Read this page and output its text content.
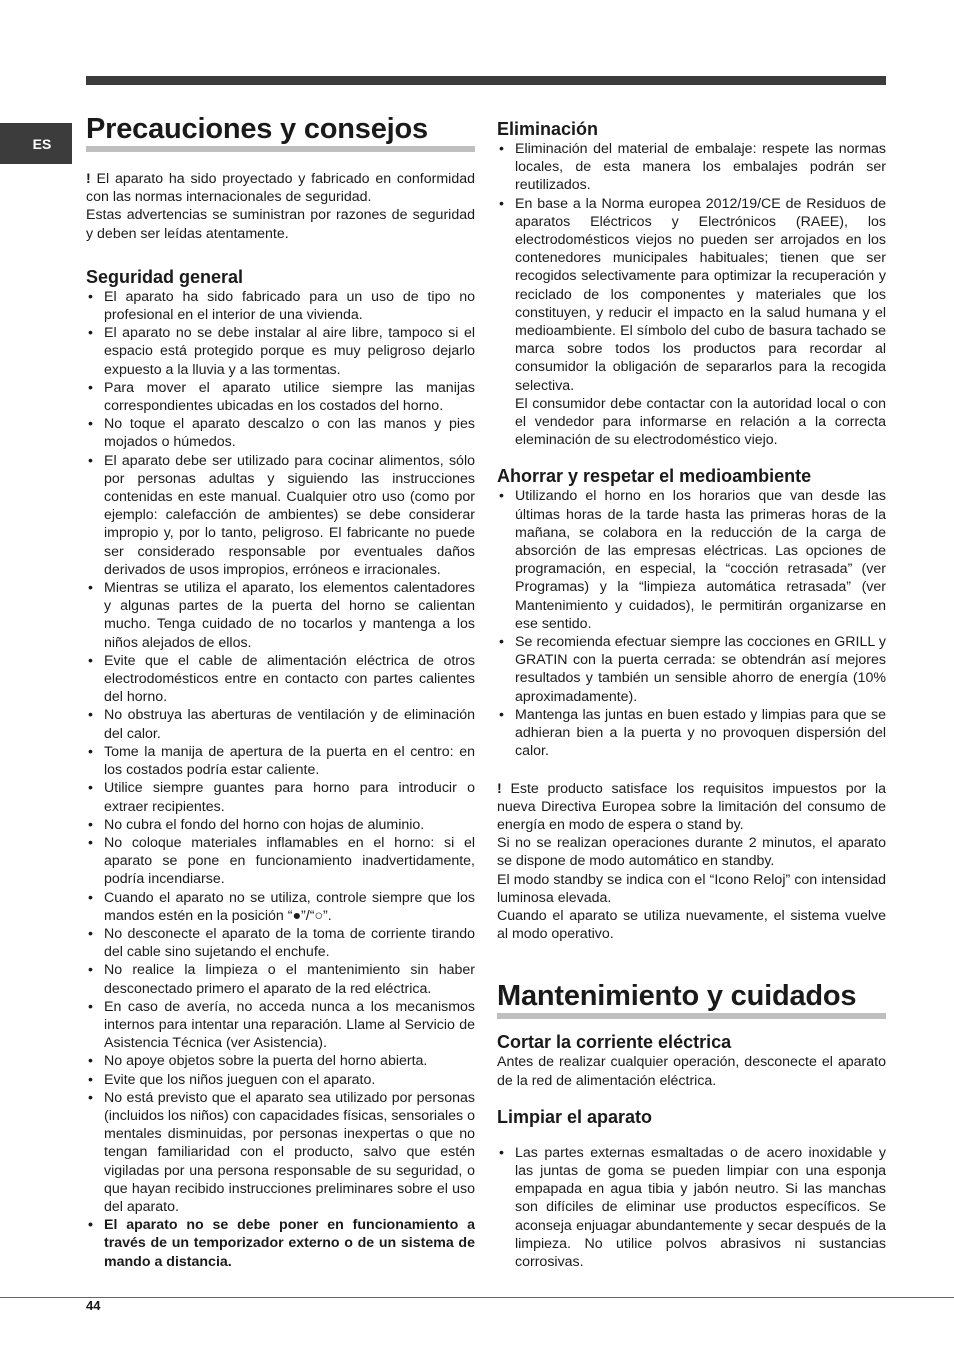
ES	Precauciones y consejos

! El aparato ha sido proyectado y fabricado en conformidad con las normas internacionales de seguridad.

Estas advertencias se suministran por razones de seguridad y deben ser leídas atentamente.

Seguridad general
• El aparato ha sido fabricado para un uso de tipo no profesional en el interior de una vivienda.
• El aparato no se debe instalar al aire libre, tampoco si el espacio está protegido porque es muy peligroso dejarlo expuesto a la lluvia y a las tormentas.
• Para mover el aparato utilice siempre las manijas correspondientes ubicadas en los costados del horno.
• No toque el aparato descalzo o con las manos y pies mojados o húmedos.
• El aparato debe ser utilizado para cocinar alimentos, sólo por personas adultas y siguiendo las instrucciones contenidas en este manual. Cualquier otro uso (como por ejemplo: calefacción de ambientes) se debe considerar impropio y, por lo tanto, peligroso. El fabricante no puede ser considerado responsable por eventuales daños derivados de usos impropios, erróneos e irracionales.
• Mientras se utiliza el aparato, los elementos calentadores y algunas partes de la puerta del horno se calientan mucho. Tenga cuidado de no tocarlos y mantenga a los niños alejados de ellos.
• Evite que el cable de alimentación eléctrica de otros electrodomésticos entre en contacto con partes calientes del horno.
• No obstruya las aberturas de ventilación y de eliminación del calor.
• Tome la manija de apertura de la puerta en el centro: en los costados podría estar caliente.
• Utilice siempre guantes para horno para introducir o extraer recipientes.
• No cubra el fondo del horno con hojas de aluminio.
• No coloque materiales inflamables en el horno: si el aparato se pone en funcionamiento inadvertidamente, podría incendiarse.
• Cuando el aparato no se utiliza, controle siempre que los mandos estén en la posición “●”/“○”.
• No desconecte el aparato de la toma de corriente tirando del cable sino sujetando el enchufe.
• No realice la limpieza o el mantenimiento sin haber desconectado primero el aparato de la red eléctrica.
• En caso de avería, no acceda nunca a los mecanismos internos para intentar una reparación. Llame al Servicio de Asistencia Técnica (ver Asistencia).
• No apoye objetos sobre la puerta del horno abierta.
• Evite que los niños jueguen con el aparato.
• No está previsto que el aparato sea utilizado por personas (incluidos los niños) con capacidades físicas, sensoriales o mentales disminuidas, por personas inexpertas o que no tengan familiaridad con el producto, salvo que estén vigiladas por una persona responsable de su seguridad, o que hayan recibido instrucciones preliminares sobre el uso del aparato.
• El aparato no se debe poner en funcionamiento a través de un temporizador externo o de un sistema de mando a distancia.
Eliminación
• Eliminación del material de embalaje: respete las normas locales, de esta manera los embalajes podrán ser reutilizados.
• En base a la Norma europea 2012/19/CE de Residuos de aparatos Eléctricos y Electrónicos (RAEE), los electrodomésticos viejos no pueden ser arrojados en los contenedores municipales habituales; tienen que ser recogidos selectivamente para optimizar la recuperación y reciclado de los componentes y materiales que los constituyen, y reducir el impacto en la salud humana y el medioambiente. El símbolo del cubo de basura tachado se marca sobre todos los productos para recordar al consumidor la obligación de separarlos para la recogida selectiva.

El consumidor debe contactar con la autoridad local o con el vendedor para informarse en relación a la correcta eleminación de su electrodoméstico viejo.

Ahorrar y respetar el medioambiente
• Utilizando el horno en los horarios que van desde las últimas horas de la tarde hasta las primeras horas de la mañana, se colabora en la reducción de la carga de absorción de las empresas eléctricas. Las opciones de programación, en especial, la “cocción retrasada” (ver Programas) y la “limpieza automática retrasada” (ver Mantenimiento y cuidados), le permitirán organizarse en ese sentido.
• Se recomienda efectuar siempre las cocciones en GRILL y GRATIN con la puerta cerrada: se obtendrán así mejores resultados y también un sensible ahorro de energía (10% aproximadamente).
• Mantenga las juntas en buen estado y limpias para que se adhieran bien a la puerta y no provoquen dispersión del calor.

! Este producto satisface los requisitos impuestos por la nueva Directiva Europea sobre la limitación del consumo de energía en modo de espera o stand by.

Si no se realizan operaciones durante 2 minutos, el aparato se dispone de modo automático en standby.

El modo standby se indica con el “Icono Reloj” con intensidad luminosa elevada.

Cuando el aparato se utiliza nuevamente, el sistema vuelve al modo operativo.

Mantenimiento y cuidados
Cortar la corriente eléctrica

Antes de realizar cualquier operación, desconecte el aparato de la red de alimentación eléctrica.

Limpiar el aparato
• Las partes externas esmaltadas o de acero inoxidable y las juntas de goma se pueden limpiar con una esponja empapada en agua tibia y jabón neutro. Si las manchas son difíciles de eliminar use productos específicos. Se aconseja enjuagar abundantemente y secar después de la limpieza. No utilice polvos abrasivos ni sustancias corrosivas.
44
